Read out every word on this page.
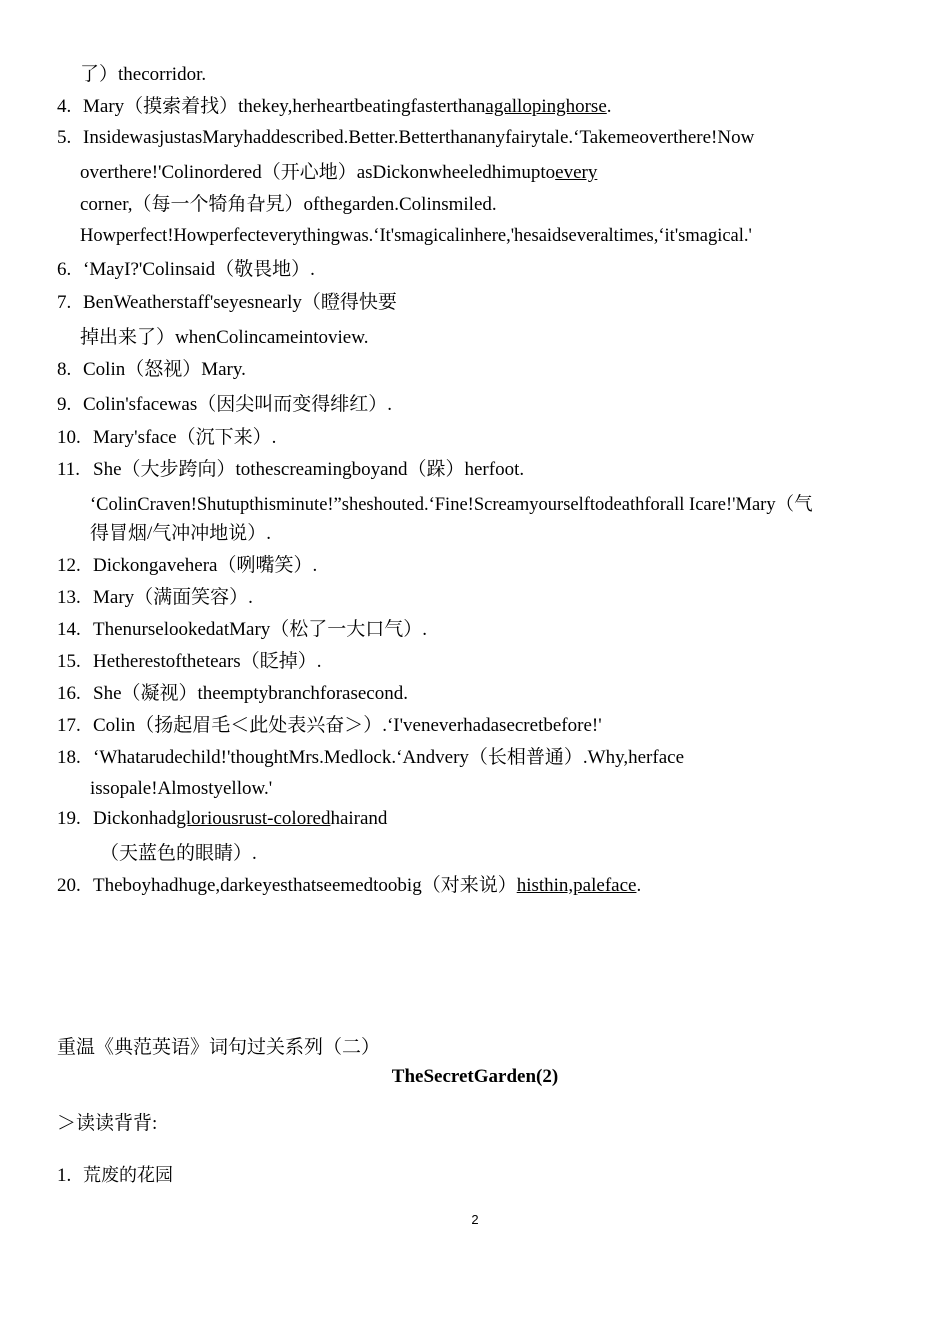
了）thecorridor.
4. Mary（摸索着找）thekey,herheartbeatingfasterthanagallopinghorse.
5. InsidewasjustasMaryhaddescribed.Better.Betterthananyfairytale.‘Takemeoverthere!Now
overthere!'Colinordered（开心地）asDickonwheeledhimuptoevery
corner,（每一个犄角旮旯）ofthegarden.Colinsmiled.
Howperfect!Howperfecteverythingwas.‘It'smagicalinhere,'hesaidseveraltimes,‘it'smagical.'
6. ‘MayI?'Colinsaid（敬畏地）.
7. BenWeatherstaff'seyesnearly（瞪得快要
掉出来了）whenColincameintoview.
8. Colin（怒视）Mary.
9. Colin'sfacewas（因尖叫而变得绯红）.
10. Mary'sface（沉下来）.
11. She（大步跨向）tothescreamingboyand（跺）herfoot.
‘ColinCraven!Shutupthisminute!”sheshouted.‘Fine!Screamyourselftodeathforall Icare!'Mary（气
得冒烟/气冲冲地说）.
12. Dickongavehera（咧嘴笑）.
13. Mary（满面笑容）.
14. ThenurselookedatMary（松了一大口气）.
15. Hetherestofthetears（眨掉）.
16. She（凝视）theemptybranchforasecond.
17. Colin（扬起眉毛＜此处表兴奋＞）.‘I'veneverhadasecretbefore!'
18. ‘Whatarudechild!'thoughtMrs.Medlock.‘Andvery（长相普通）.Why,herface
issopale!Almostyellow.'
19. Dickonhadgloriousrust-coloredhairand
（天蓝色的眼睛）.
20. Theboyhadhuge,darkeyesthatseemedtoobig（对来说）histhin,paleface.
重温《典范英语》词句过关系列（二）
TheSecretGarden(2)
＞读读背背:
1. 荒废的花园
2
